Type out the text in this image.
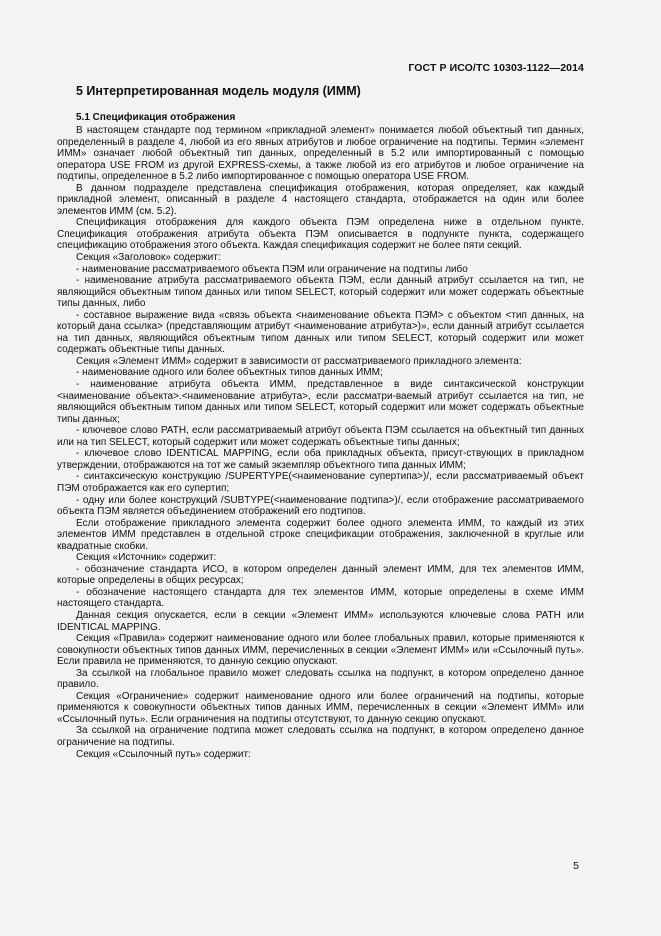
ГОСТ Р ИСО/ТС 10303-1122—2014
5 Интерпретированная модель модуля (ИММ)
5.1 Спецификация отображения

В настоящем стандарте под термином «прикладной элемент» понимается любой объектный тип данных, определенный в разделе 4, любой из его явных атрибутов и любое ограничение на подтипы. Термин «элемент ИММ» означает любой объектный тип данных, определенный в 5.2 или импортированный с помощью оператора USE FROM из другой EXPRESS-схемы, а также любой из его атрибутов и любое ограничение на подтипы, определенное в 5.2 либо импортированное с помощью оператора USE FROM.

В данном подразделе представлена спецификация отображения, которая определяет, как каждый прикладной элемент, описанный в разделе 4 настоящего стандарта, отображается на один или более элементов ИММ (см. 5.2).

Спецификация отображения для каждого объекта ПЭМ определена ниже в отдельном пункте. Спецификация отображения атрибута объекта ПЭМ описывается в подпункте пункта, содержащего спецификацию отображения этого объекта. Каждая спецификация содержит не более пяти секций.

Секция «Заголовок» содержит:

- наименование рассматриваемого объекта ПЭМ или ограничение на подтипы либо

- наименование атрибута рассматриваемого объекта ПЭМ, если данный атрибут ссылается на тип, не являющийся объектным типом данных или типом SELECT, который содержит или может содержать объектные типы данных, либо

- составное выражение вида «связь объекта <наименование объекта ПЭМ> с объектом <тип данных, на который дана ссылка> (представляющим атрибут <наименование атрибута>)», если данный атрибут ссылается на тип данных, являющийся объектным типом данных или типом SELECT, который содержит или может содержать объектные типы данных.

Секция «Элемент ИММ» содержит в зависимости от рассматриваемого прикладного элемента:

- наименование одного или более объектных типов данных ИММ;

- наименование атрибута объекта ИММ, представленное в виде синтаксической конструкции <наименование объекта>.<наименование атрибута>, если рассматри-ваемый атрибут ссылается на тип, не являющийся объектным типом данных или типом SELECT, который содержит или может содержать объектные типы данных;

- ключевое слово PATH, если рассматриваемый атрибут объекта ПЭМ ссылается на объектный тип данных или на тип SELECT, который содержит или может содержать объектные типы данных;

- ключевое слово IDENTICAL MAPPING, если оба прикладных объекта, присут-ствующих в прикладном утверждении, отображаются на тот же самый экземпляр объектного типа данных ИММ;

- синтаксическую конструкцию /SUPERTYPE(<наименование супертипа>)/, если рассматриваемый объект ПЭМ отображается как его супертип;

- одну или более конструкций /SUBTYPE(<наименование подтипа>)/, если отображение рассматриваемого объекта ПЭМ является объединением отображений его подтипов.

Если отображение прикладного элемента содержит более одного элемента ИММ, то каждый из этих элементов ИММ представлен в отдельной строке спецификации отображения, заключенной в круглые или квадратные скобки.

Секция «Источник» содержит:

- обозначение стандарта ИСО, в котором определен данный элемент ИММ, для тех элементов ИММ, которые определены в общих ресурсах;

- обозначение настоящего стандарта для тех элементов ИММ, которые определены в схеме ИММ настоящего стандарта.

Данная секция опускается, если в секции «Элемент ИММ» используются ключевые слова PATH или IDENTICAL MAPPING.

Секция «Правила» содержит наименование одного или более глобальных правил, которые применяются к совокупности объектных типов данных ИММ, перечисленных в секции «Элемент ИММ» или «Ссылочный путь». Если правила не применяются, то данную секцию опускают.

За ссылкой на глобальное правило может следовать ссылка на подпункт, в котором определено данное правило.

Секция «Ограничение» содержит наименование одного или более ограничений на подтипы, которые применяются к совокупности объектных типов данных ИММ, перечисленных в секции «Элемент ИММ» или «Ссылочный путь». Если ограничения на подтипы отсутствуют, то данную секцию опускают.

За ссылкой на ограничение подтипа может следовать ссылка на подпункт, в котором определено данное ограничение на подтипы.

Секция «Ссылочный путь» содержит:

5
